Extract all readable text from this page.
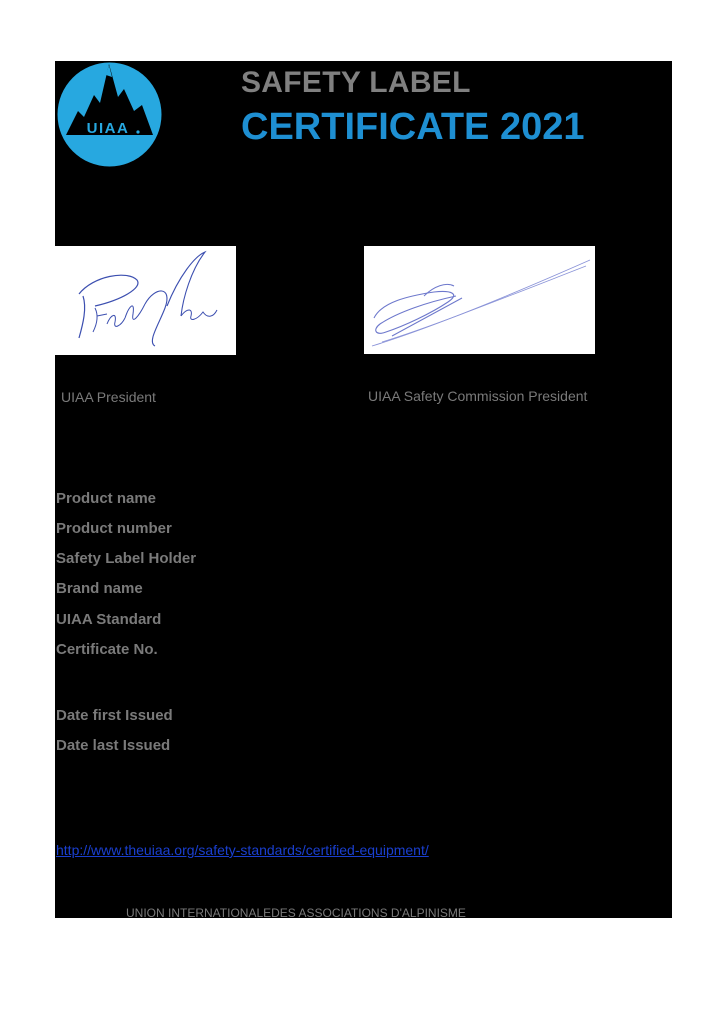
UIAA
SAFETY LABEL
CERTIFICATE 2021
UIAA President	UIAA Safety Commission President
Product name
Product number
Safety Label Holder
Brand name
UIAA Standard
Certificate No.
Date first Issued
Date last Issued
http://www.theuiaa.org/safety-standards/certified-equipment/
UNION INTERNATIONALEDES ASSOCIATIONS D'ALPINISME
